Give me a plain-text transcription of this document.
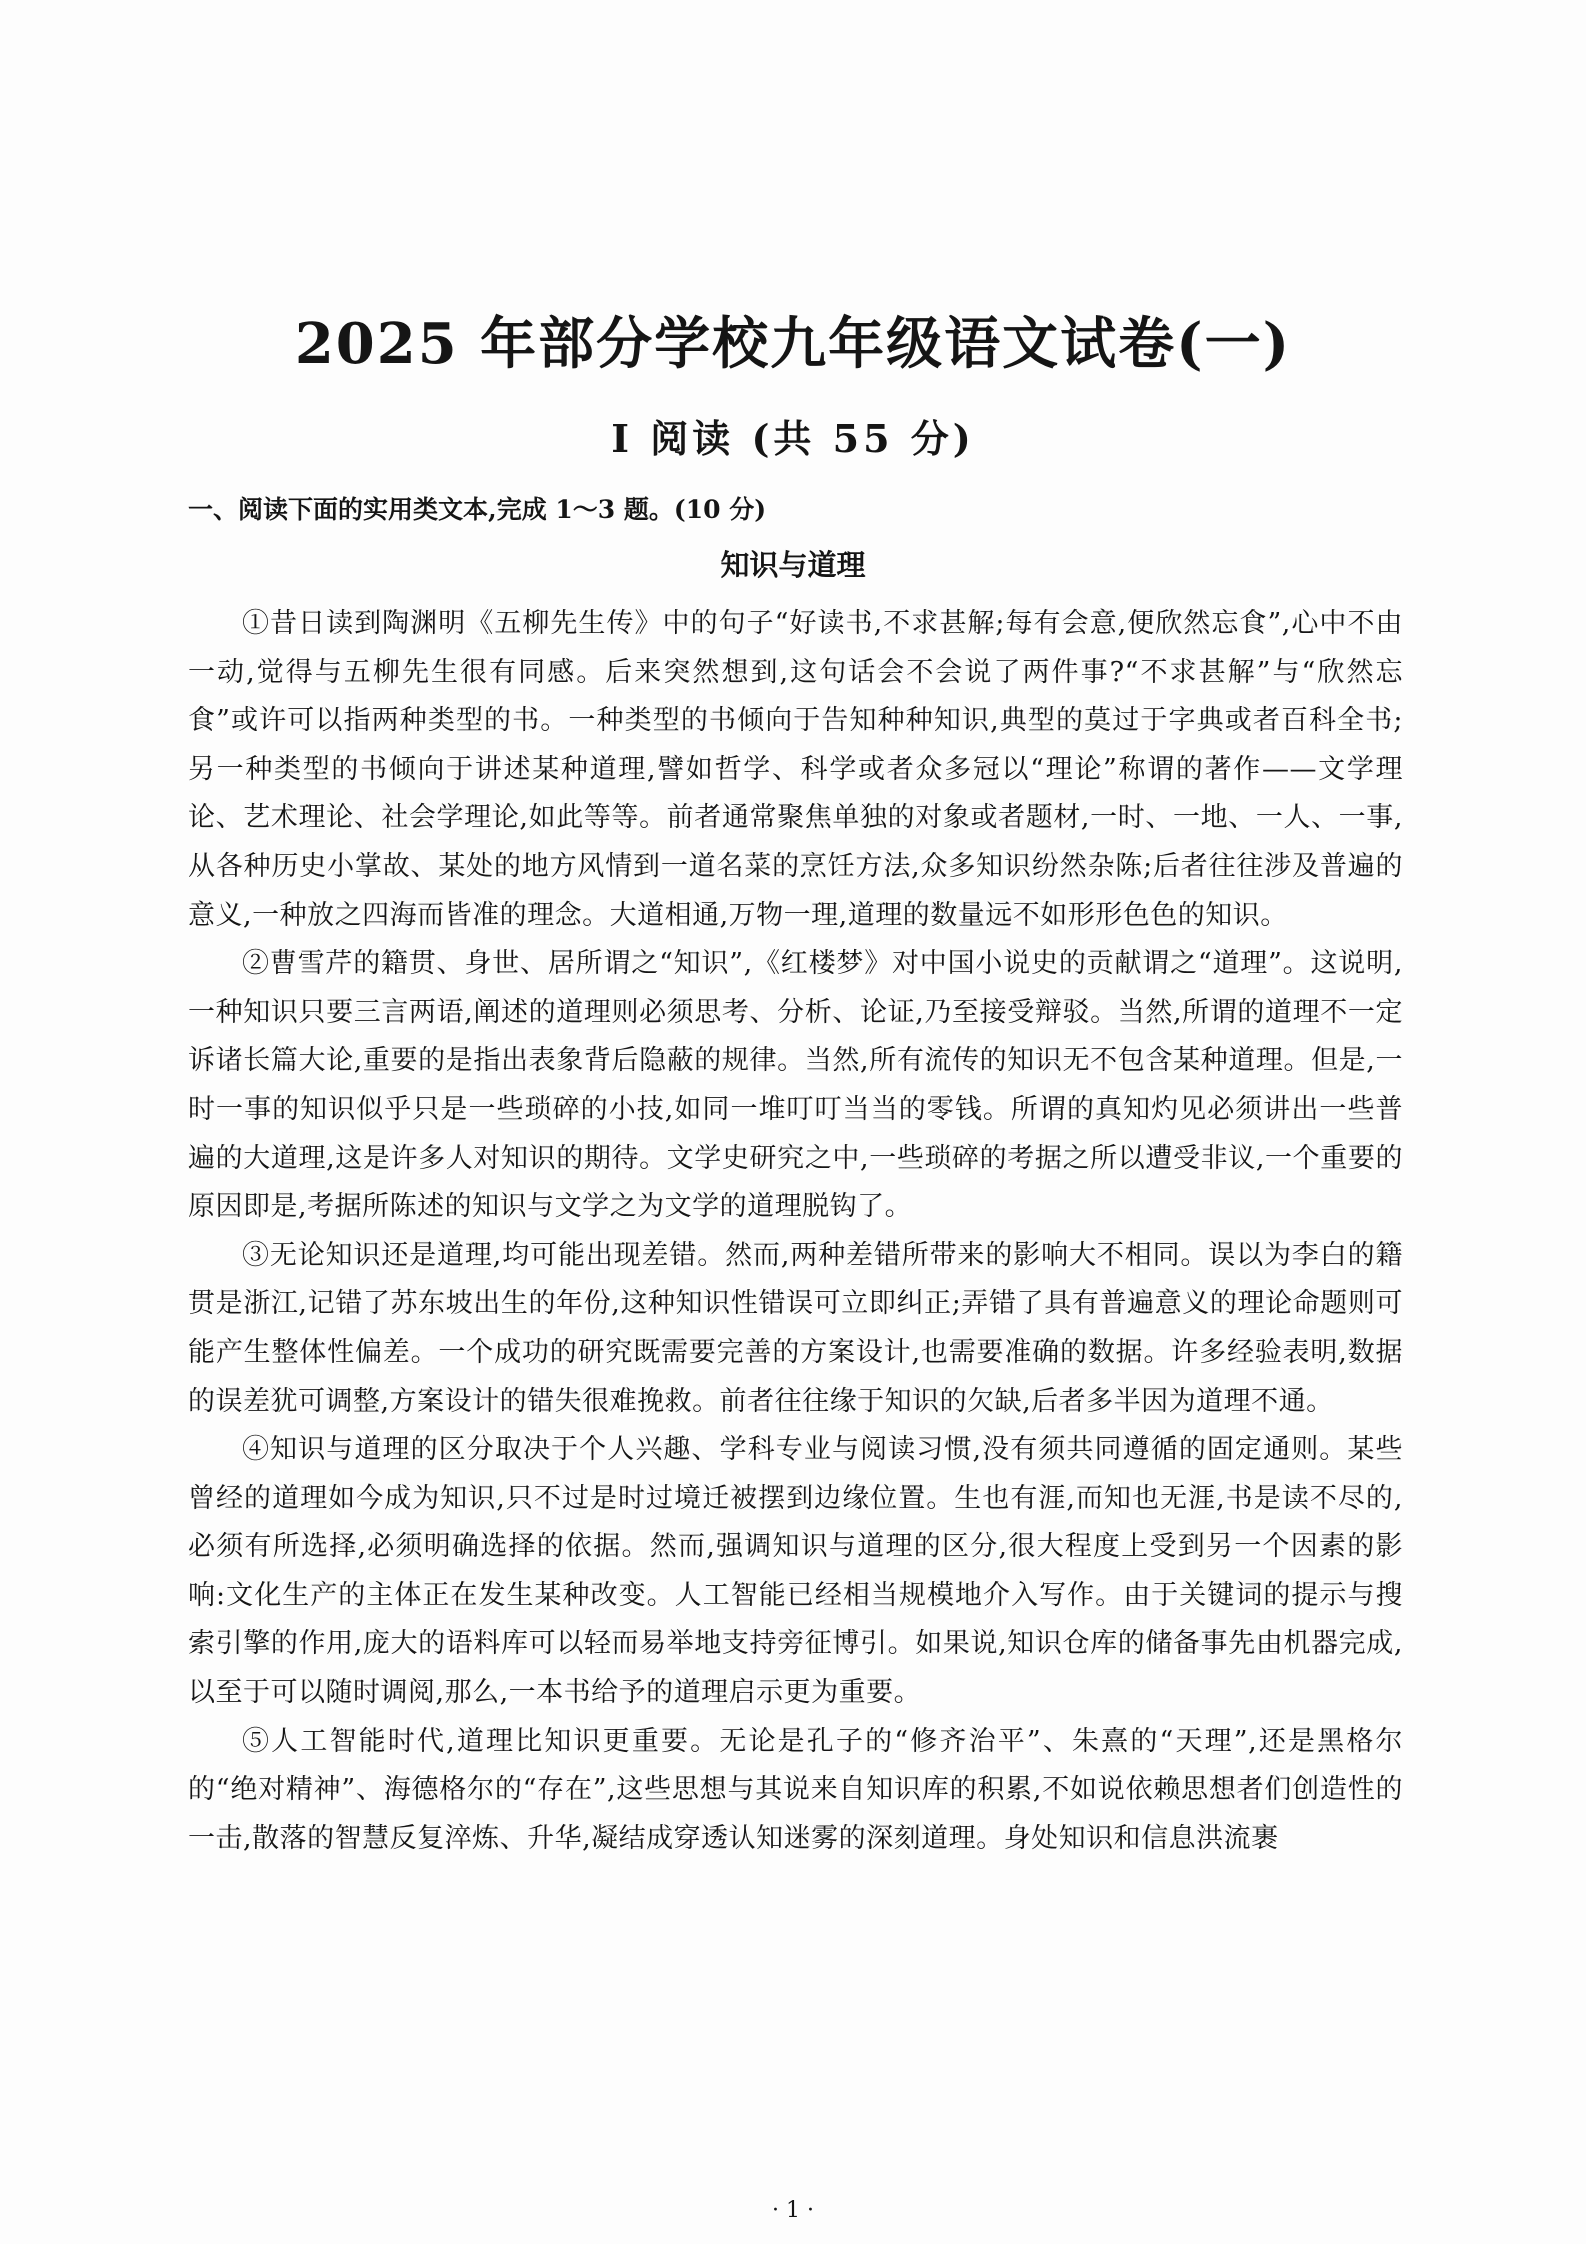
2025 年部分学校九年级语文试卷(一)
Ⅰ 阅读 (共 55 分)

一、阅读下面的实用类文本,完成 1～3 题。(10 分)

知识与道理

①昔日读到陶渊明《五柳先生传》中的句子“好读书,不求甚解;每有会意,便欣然忘食”,心中不由一动,觉得与五柳先生很有同感。后来突然想到,这句话会不会说了两件事?“不求甚解”与“欣然忘食”或许可以指两种类型的书。一种类型的书倾向于告知种种知识,典型的莫过于字典或者百科全书;另一种类型的书倾向于讲述某种道理,譬如哲学、科学或者众多冠以“理论”称谓的著作——文学理论、艺术理论、社会学理论,如此等等。前者通常聚焦单独的对象或者题材,一时、一地、一人、一事,从各种历史小掌故、某处的地方风情到一道名菜的烹饪方法,众多知识纷然杂陈;后者往往涉及普遍的意义,一种放之四海而皆准的理念。大道相通,万物一理,道理的数量远不如形形色色的知识。

②曹雪芹的籍贯、身世、居所谓之“知识”,《红楼梦》对中国小说史的贡献谓之“道理”。这说明,一种知识只要三言两语,阐述的道理则必须思考、分析、论证,乃至接受辩驳。当然,所谓的道理不一定诉诸长篇大论,重要的是指出表象背后隐蔽的规律。当然,所有流传的知识无不包含某种道理。但是,一时一事的知识似乎只是一些琐碎的小技,如同一堆叮叮当当的零钱。所谓的真知灼见必须讲出一些普遍的大道理,这是许多人对知识的期待。文学史研究之中,一些琐碎的考据之所以遭受非议,一个重要的原因即是,考据所陈述的知识与文学之为文学的道理脱钩了。

③无论知识还是道理,均可能出现差错。然而,两种差错所带来的影响大不相同。误以为李白的籍贯是浙江,记错了苏东坡出生的年份,这种知识性错误可立即纠正;弄错了具有普遍意义的理论命题则可能产生整体性偏差。一个成功的研究既需要完善的方案设计,也需要准确的数据。许多经验表明,数据的误差犹可调整,方案设计的错失很难挽救。前者往往缘于知识的欠缺,后者多半因为道理不通。

④知识与道理的区分取决于个人兴趣、学科专业与阅读习惯,没有须共同遵循的固定通则。某些曾经的道理如今成为知识,只不过是时过境迁被摆到边缘位置。生也有涯,而知也无涯,书是读不尽的,必须有所选择,必须明确选择的依据。然而,强调知识与道理的区分,很大程度上受到另一个因素的影响:文化生产的主体正在发生某种改变。人工智能已经相当规模地介入写作。由于关键词的提示与搜索引擎的作用,庞大的语料库可以轻而易举地支持旁征博引。如果说,知识仓库的储备事先由机器完成,以至于可以随时调阅,那么,一本书给予的道理启示更为重要。

⑤人工智能时代,道理比知识更重要。无论是孔子的“修齐治平”、朱熹的“天理”,还是黑格尔的“绝对精神”、海德格尔的“存在”,这些思想与其说来自知识库的积累,不如说依赖思想者们创造性的一击,散落的智慧反复淬炼、升华,凝结成穿透认知迷雾的深刻道理。身处知识和信息洪流裹

· 1 ·
